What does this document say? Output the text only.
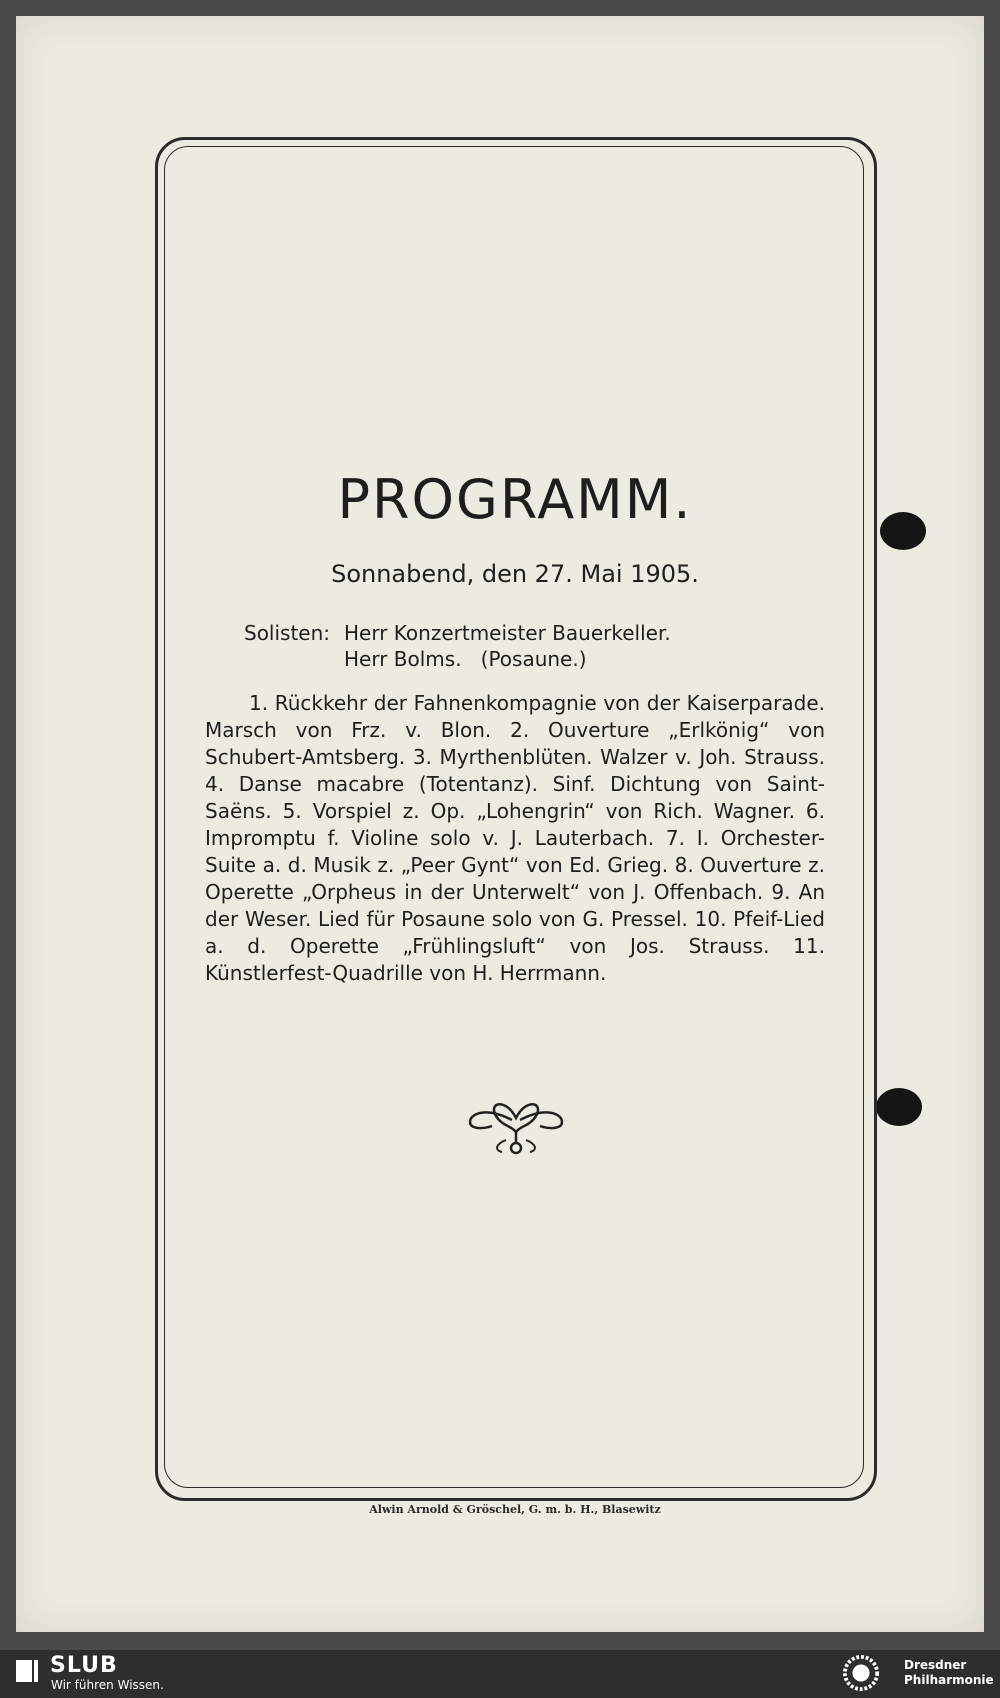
PROGRAMM.
Sonnabend, den 27. Mai 1905.
Solisten: Herr Konzertmeister Bauerkeller.
Herr Bolms.   (Posaune.)
1. Rückkehr der Fahnenkompagnie von der Kaiserparade. Marsch von Frz. v. Blon. 2. Ouverture „Erlkönig“ von Schubert-Amtsberg. 3. Myrthenblüten. Walzer v. Joh. Strauss. 4. Danse macabre (Totentanz). Sinf. Dichtung von Saint-Saëns. 5. Vorspiel z. Op. „Lohengrin“ von Rich. Wagner. 6. Impromptu f. Violine solo v. J. Lauterbach. 7. I. Orchester-Suite a. d. Musik z. „Peer Gynt“ von Ed. Grieg. 8. Ouverture z. Operette „Orpheus in der Unterwelt“ von J. Offenbach. 9. An der Weser. Lied für Posaune solo von G. Pressel. 10. Pfeif-Lied a. d. Operette „Frühlingsluft“ von Jos. Strauss. 11. Künstlerfest-Quadrille von H. Herrmann.
Alwin Arnold & Gröschel, G. m. b. H., Blasewitz
SLUB
Wir führen Wissen.
Dresdner
Philharmonie
